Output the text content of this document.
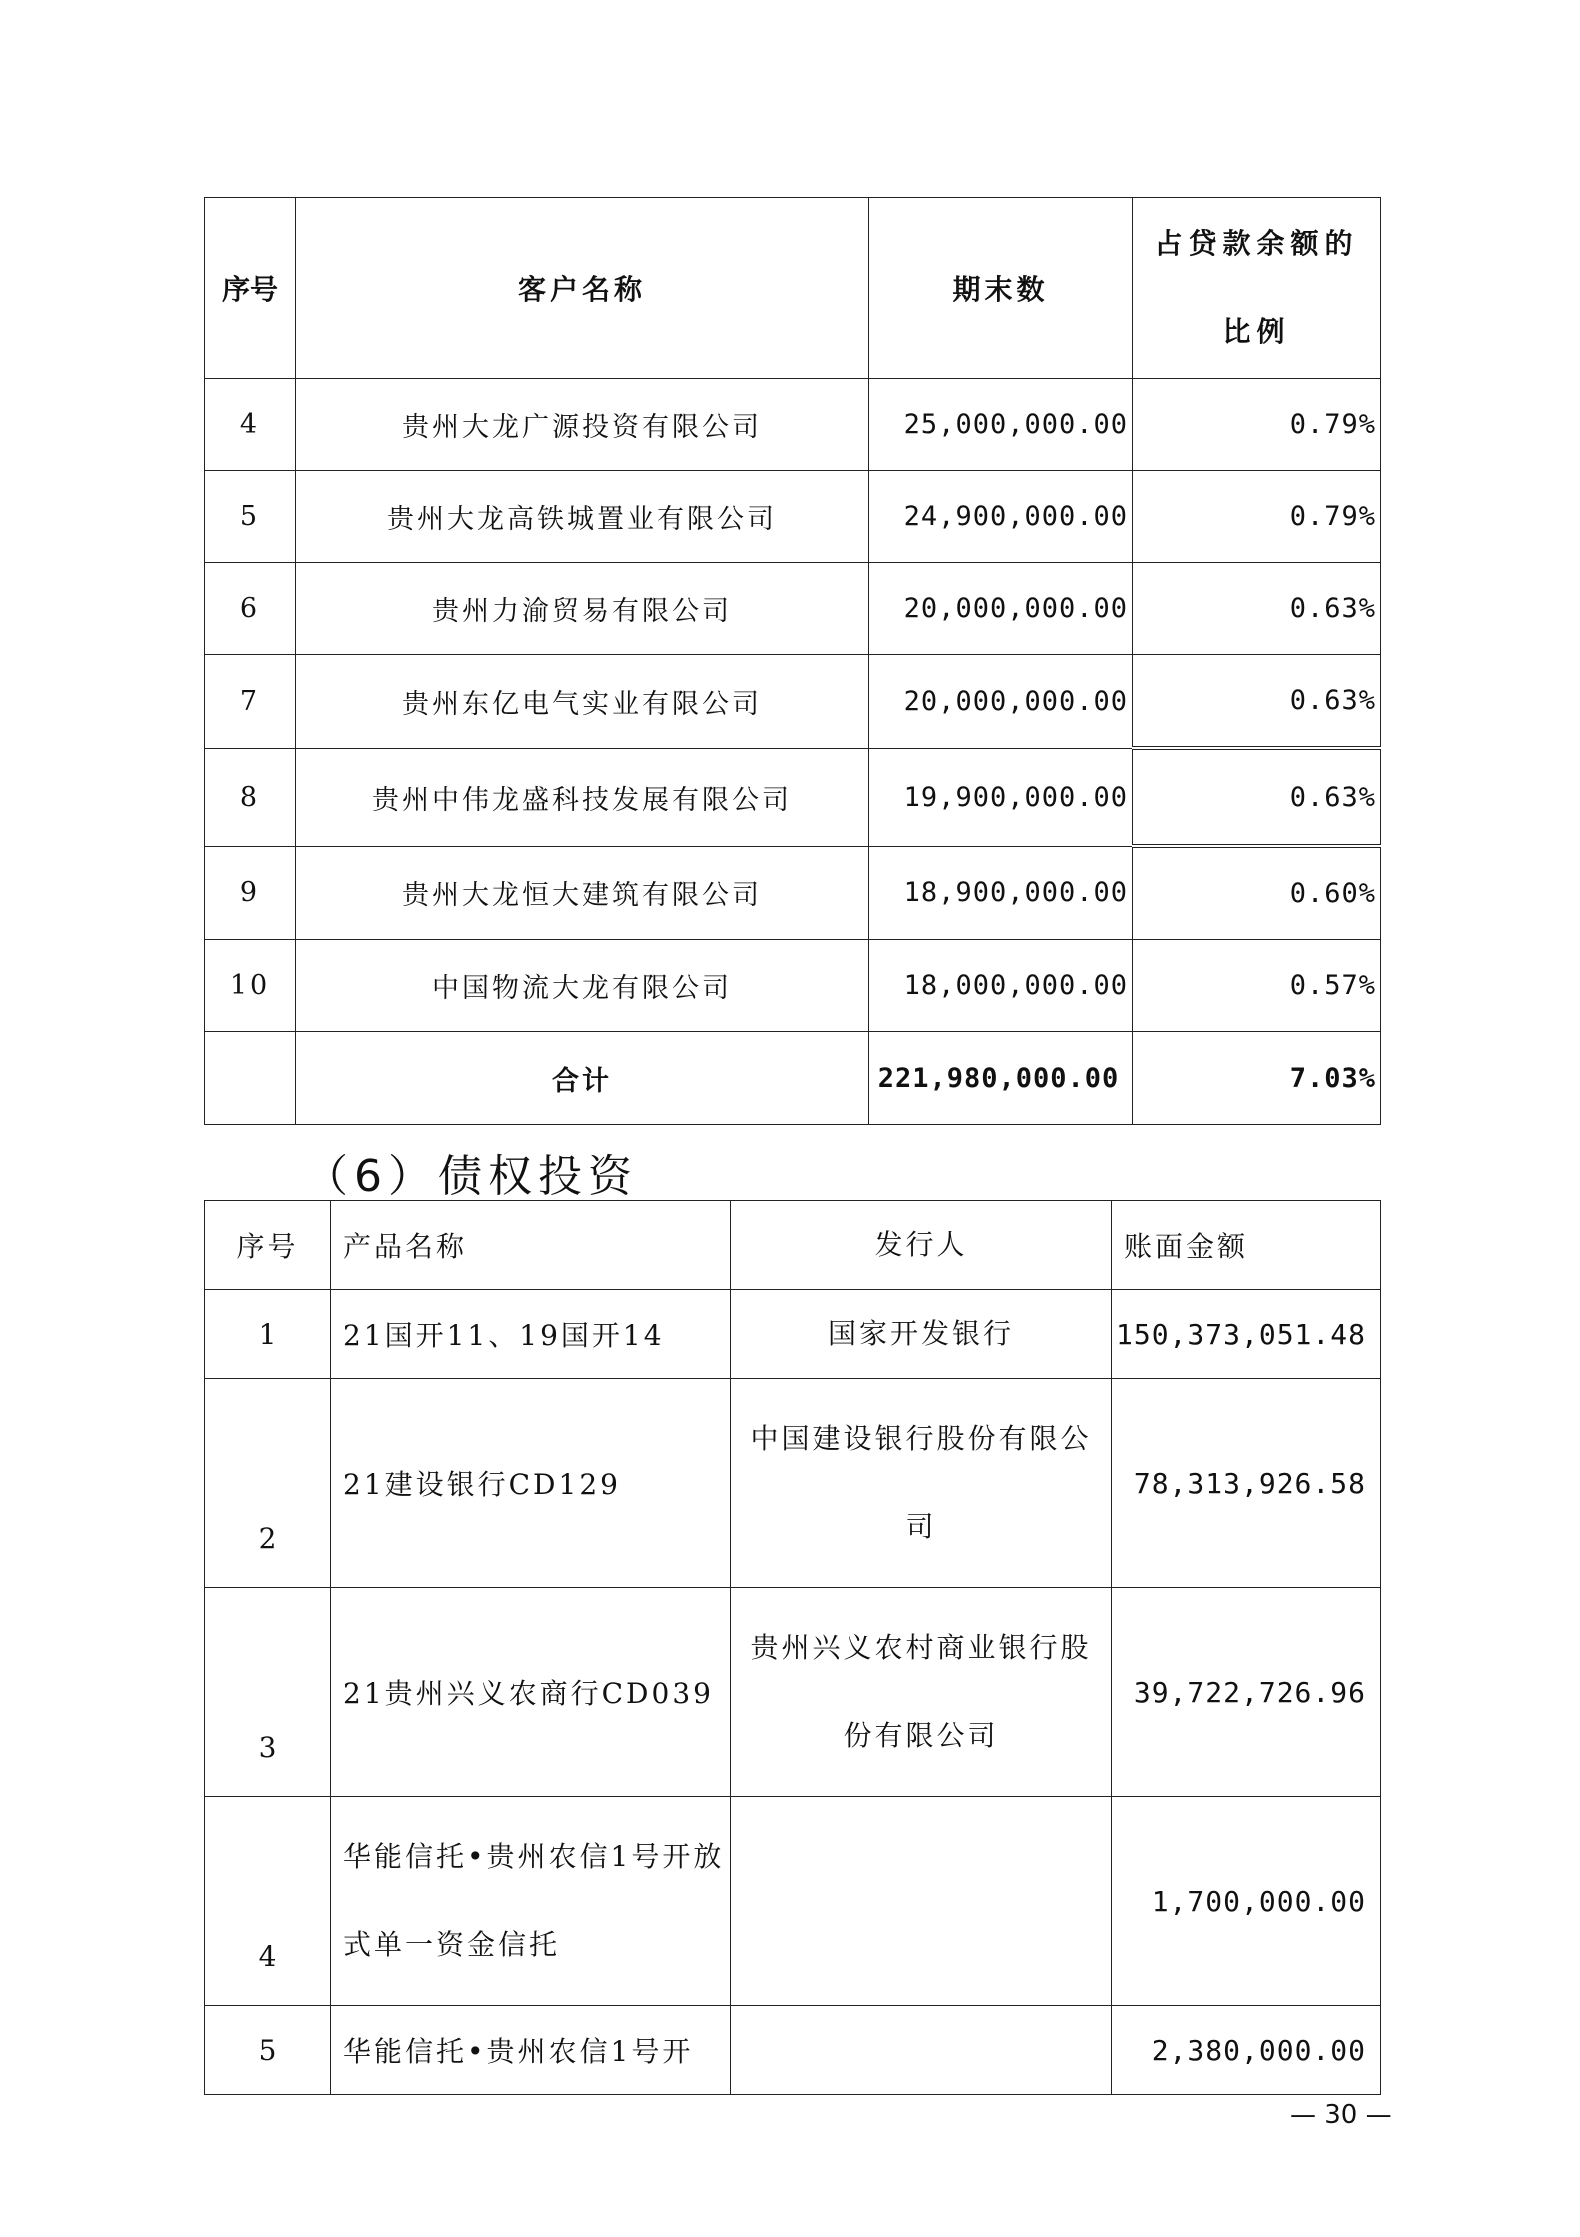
序号	客户名称	期末数	占贷款余额的比例
4	贵州大龙广源投资有限公司	25,000,000.00	0.79%
5	贵州大龙高铁城置业有限公司	24,900,000.00	0.79%
6	贵州力渝贸易有限公司	20,000,000.00	0.63%
7	贵州东亿电气实业有限公司	20,000,000.00	0.63%
8	贵州中伟龙盛科技发展有限公司	19,900,000.00	0.63%
9	贵州大龙恒大建筑有限公司	18,900,000.00	0.60%
10	中国物流大龙有限公司	18,000,000.00	0.57%
	合计	221,980,000.00	7.03%
（6）债权投资
序号	产品名称	发行人	账面金额
1	21国开11、19国开14	国家开发银行	150,373,051.48
2	21建设银行CD129	中国建设银行股份有限公司	78,313,926.58
3	21贵州兴义农商行CD039	贵州兴义农村商业银行股份有限公司	39,722,726.96
4	华能信托•贵州农信1号开放式单一资金信托		1,700,000.00
5	华能信托•贵州农信1号开		2,380,000.00
— 30 —
